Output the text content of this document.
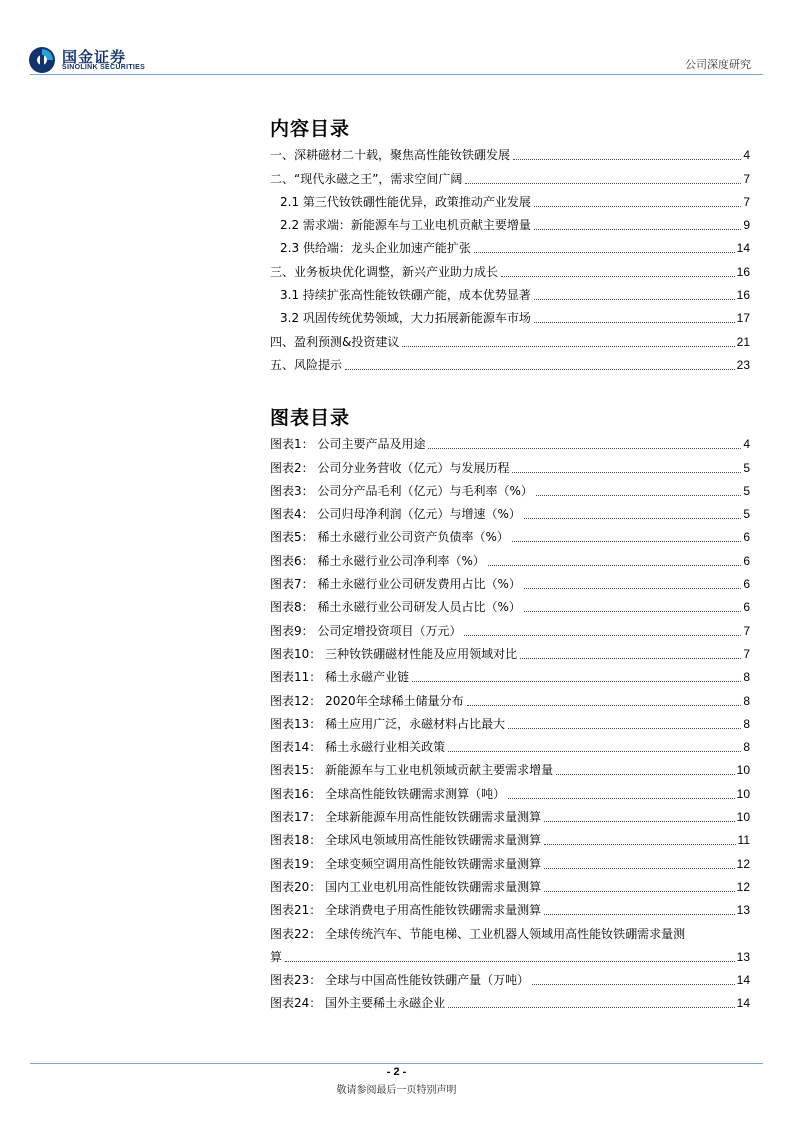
国金证券
SINOLINK SECURITIES	公司深度研究
内容目录
一、深耕磁材二十载，聚焦高性能钕铁硼发展	4
二、“现代永磁之王”，需求空间广阔	7
2.1 第三代钕铁硼性能优异，政策推动产业发展	7
2.2 需求端：新能源车与工业电机贡献主要增量	9
2.3 供给端：龙头企业加速产能扩张	14
三、业务板块优化调整，新兴产业助力成长	16
3.1 持续扩张高性能钕铁硼产能，成本优势显著	16
3.2 巩固传统优势领域，大力拓展新能源车市场	17
四、盈利预测&投资建议	21
五、风险提示	23
图表目录
图表1： 公司主要产品及用途	4
图表2： 公司分业务营收（亿元）与发展历程	5
图表3： 公司分产品毛利（亿元）与毛利率（%）	5
图表4： 公司归母净利润（亿元）与增速（%）	5
图表5： 稀土永磁行业公司资产负债率（%）	6
图表6： 稀土永磁行业公司净利率（%）	6
图表7： 稀土永磁行业公司研发费用占比（%）	6
图表8： 稀土永磁行业公司研发人员占比（%）	6
图表9： 公司定增投资项目（万元）	7
图表10： 三种钕铁硼磁材性能及应用领域对比	7
图表11： 稀土永磁产业链	8
图表12： 2020年全球稀土储量分布	8
图表13： 稀土应用广泛，永磁材料占比最大	8
图表14： 稀土永磁行业相关政策	8
图表15： 新能源车与工业电机领域贡献主要需求增量	10
图表16： 全球高性能钕铁硼需求测算（吨）	10
图表17： 全球新能源车用高性能钕铁硼需求量测算	10
图表18： 全球风电领域用高性能钕铁硼需求量测算	11
图表19： 全球变频空调用高性能钕铁硼需求量测算	12
图表20： 国内工业电机用高性能钕铁硼需求量测算	12
图表21： 全球消费电子用高性能钕铁硼需求量测算	13
图表22： 全球传统汽车、节能电梯、工业机器人领域用高性能钕铁硼需求量测
算	13
图表23： 全球与中国高性能钕铁硼产量（万吨）	14
图表24： 国外主要稀土永磁企业	14
- 2 -
敬请参阅最后一页特别声明
